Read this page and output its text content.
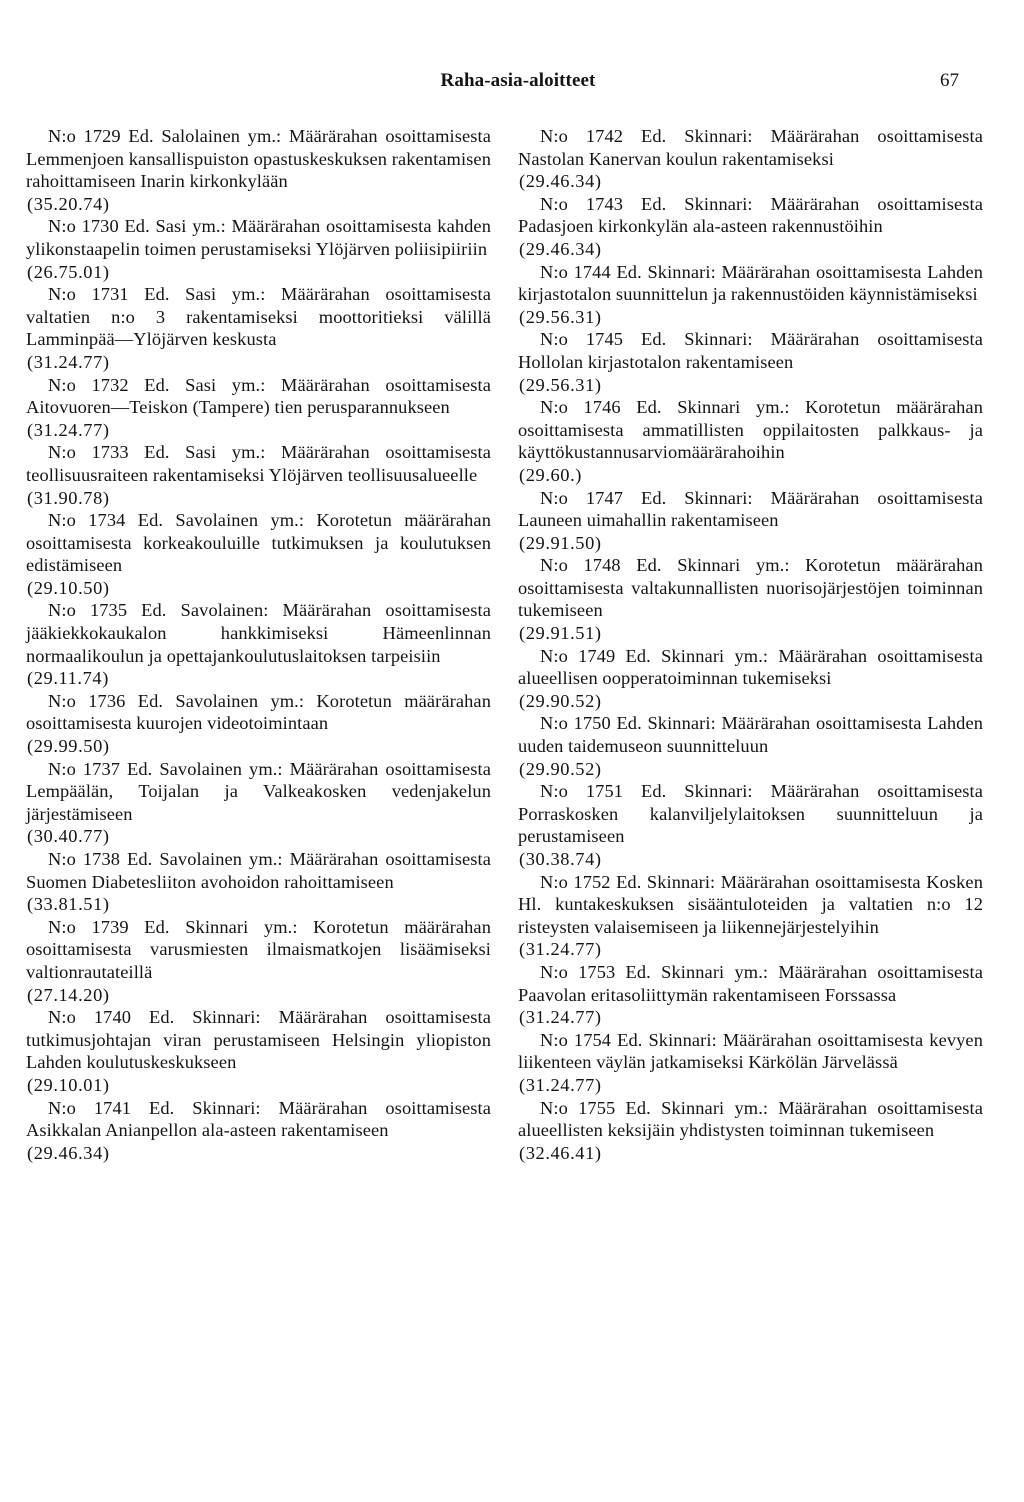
Raha-asia-aloitteet	67

N:o 1729 Ed. Salolainen ym.: Määrärahan osoittamisesta Lemmenjoen kansallispuiston opastuskeskuksen rakentamisen rahoittamiseen Inarin kirkonkylään

(35.20.74)

N:o 1730 Ed. Sasi ym.: Määrärahan osoittamisesta kahden ylikonstaapelin toimen perustamiseksi Ylöjärven poliisipiiriin

(26.75.01)

N:o 1731 Ed. Sasi ym.: Määrärahan osoittamisesta valtatien n:o 3 rakentamiseksi moottoritieksi välillä Lamminpää—Ylöjärven keskusta

(31.24.77)

N:o 1732 Ed. Sasi ym.: Määrärahan osoittamisesta Aitovuoren—Teiskon (Tampere) tien perusparannukseen

(31.24.77)

N:o 1733 Ed. Sasi ym.: Määrärahan osoittamisesta teollisuusraiteen rakentamiseksi Ylöjärven teollisuusalueelle

(31.90.78)

N:o 1734 Ed. Savolainen ym.: Korotetun määrärahan osoittamisesta korkeakouluille tutkimuksen ja koulutuksen edistämiseen

(29.10.50)

N:o 1735 Ed. Savolainen: Määrärahan osoittamisesta jääkiekkokaukalon hankkimiseksi Hämeenlinnan normaalikoulun ja opettajankoulutuslaitoksen tarpeisiin

(29.11.74)

N:o 1736 Ed. Savolainen ym.: Korotetun määrärahan osoittamisesta kuurojen videotoimintaan

(29.99.50)

N:o 1737 Ed. Savolainen ym.: Määrärahan osoittamisesta Lempäälän, Toijalan ja Valkeakosken vedenjakelun järjestämiseen

(30.40.77)

N:o 1738 Ed. Savolainen ym.: Määrärahan osoittamisesta Suomen Diabetesliiton avohoidon rahoittamiseen

(33.81.51)

N:o 1739 Ed. Skinnari ym.: Korotetun määrärahan osoittamisesta varusmiesten ilmaismatkojen lisäämiseksi valtionrautateillä

(27.14.20)

N:o 1740 Ed. Skinnari: Määrärahan osoittamisesta tutkimusjohtajan viran perustamiseen Helsingin yliopiston Lahden koulutuskeskukseen

(29.10.01)

N:o 1741 Ed. Skinnari: Määrärahan osoittamisesta Asikkalan Anianpellon ala-asteen rakentamiseen

(29.46.34)

N:o 1742 Ed. Skinnari: Määrärahan osoittamisesta Nastolan Kanervan koulun rakentamiseksi

(29.46.34)

N:o 1743 Ed. Skinnari: Määrärahan osoittamisesta Padasjoen kirkonkylän ala-asteen rakennustöihin

(29.46.34)

N:o 1744 Ed. Skinnari: Määrärahan osoittamisesta Lahden kirjastotalon suunnittelun ja rakennustöiden käynnistämiseksi

(29.56.31)

N:o 1745 Ed. Skinnari: Määrärahan osoittamisesta Hollolan kirjastotalon rakentamiseen

(29.56.31)

N:o 1746 Ed. Skinnari ym.: Korotetun määrärahan osoittamisesta ammatillisten oppilaitosten palkkaus- ja käyttökustannusarviomäärärahoihin

(29.60.)

N:o 1747 Ed. Skinnari: Määrärahan osoittamisesta Launeen uimahallin rakentamiseen

(29.91.50)

N:o 1748 Ed. Skinnari ym.: Korotetun määrärahan osoittamisesta valtakunnallisten nuorisojärjestöjen toiminnan tukemiseen

(29.91.51)

N:o 1749 Ed. Skinnari ym.: Määrärahan osoittamisesta alueellisen oopperatoiminnan tukemiseksi

(29.90.52)

N:o 1750 Ed. Skinnari: Määrärahan osoittamisesta Lahden uuden taidemuseon suunnitteluun

(29.90.52)

N:o 1751 Ed. Skinnari: Määrärahan osoittamisesta Porraskosken kalanviljelylaitoksen suunnitteluun ja perustamiseen

(30.38.74)

N:o 1752 Ed. Skinnari: Määrärahan osoittamisesta Kosken Hl. kuntakeskuksen sisääntuloteiden ja valtatien n:o 12 risteysten valaisemiseen ja liikennejärjestelyihin

(31.24.77)

N:o 1753 Ed. Skinnari ym.: Määrärahan osoittamisesta Paavolan eritasoliittymän rakentamiseen Forssassa

(31.24.77)

N:o 1754 Ed. Skinnari: Määrärahan osoittamisesta kevyen liikenteen väylän jatkamiseksi Kärkölän Järvelässä

(31.24.77)

N:o 1755 Ed. Skinnari ym.: Määrärahan osoittamisesta alueellisten keksijäin yhdistysten toiminnan tukemiseen

(32.46.41)
